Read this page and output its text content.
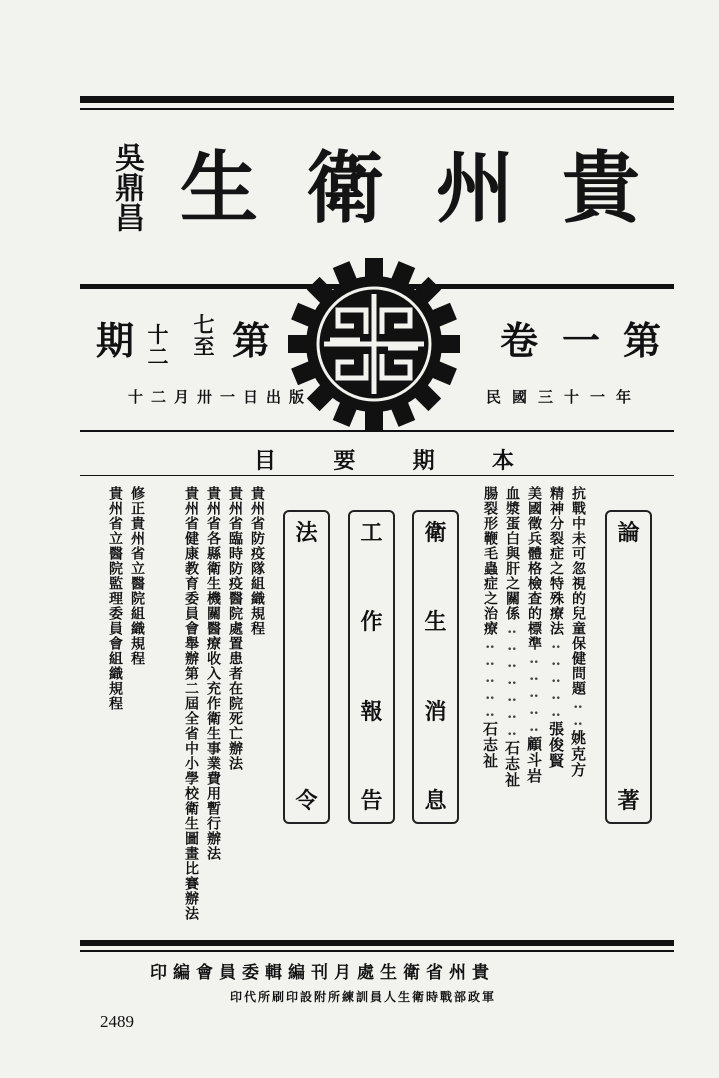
吳鼎昌	貴
州
衛
生
第
一
卷
第
七
至
十
二
期
民國三十一年
十二月卅一日出版
目	要	期	本
論
著
衛
生
消
息
工
作
報
告
法
令
抗戰中未可忽視的兒童保健問題‥‥姚克方
精神分裂症之特殊療法‥‥‥‥‥張俊賢
美國徵兵體格檢查的標準‥‥‥‥‥顧斗岩
血漿蛋白與肝之關係‥‥‥‥‥‥‥石志祉
腸裂形鞭毛蟲症之治療‥‥‥‥‥石志祉
貴州省防疫隊組織規程
貴州省臨時防疫醫院處置患者在院死亡辦法
貴州省各縣衛生機關醫療收入充作衛生事業費用暫行辦法
貴州省健康教育委員會舉辦第二屆全省中小學校衛生圖畫比賽辦法
修正貴州省立醫院組織規程
貴州省立醫院監理委員會組織規程
貴州省衛生處月刊編輯委員會編印
軍政部戰時衛生人員訓練所附設印刷所代印
2489
